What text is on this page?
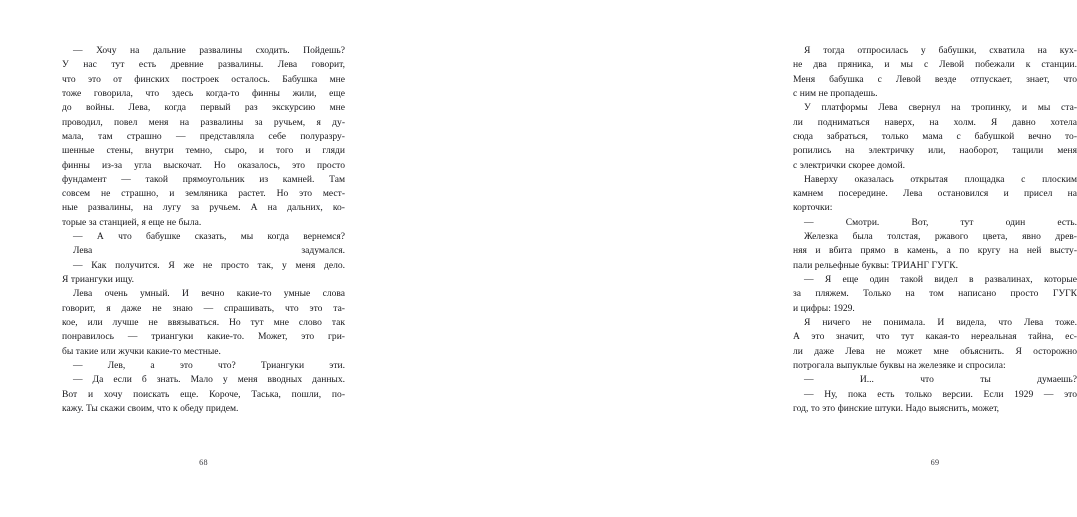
— Хочу на дальние развалины сходить. Пойдешь?
У нас тут есть древние развалины. Лева говорит,
что это от финских построек осталось. Бабушка мне
тоже говорила, что здесь когда-то финны жили, еще
до войны. Лева, когда первый раз экскурсию мне
проводил, повел меня на развалины за ручьем, я ду-
мала, там страшно — представляла себе полуразру-
шенные стены, внутри темно, сыро, и того и гляди
финны из-за угла выскочат. Но оказалось, это просто
фундамент — такой прямоугольник из камней. Там
совсем не страшно, и земляника растет. Но это мест-
ные развалины, на лугу за ручьем. А на дальних, ко-
торые за станцией, я еще не была.
— А что бабушке сказать, мы когда вернемся?
Лева задумался.
— Как получится. Я же не просто так, у меня дело.
Я триангуки ищу.
Лева очень умный. И вечно какие-то умные слова
говорит, я даже не знаю — спрашивать, что это та-
кое, или лучше не ввязываться. Но тут мне слово так
понравилось — триангуки какие-то. Может, это гри-
бы такие или жучки какие-то местные.
— Лев, а это что? Триангуки эти.
— Да если б знать. Мало у меня вводных данных.
Вот и хочу поискать еще. Короче, Таська, пошли, по-
кажу. Ты скажи своим, что к обеду придем.
68
Я тогда отпросилась у бабушки, схватила на кух-
не два пряника, и мы с Левой побежали к станции.
Меня бабушка с Левой везде отпускает, знает, что
с ним не пропадешь.
У платформы Лева свернул на тропинку, и мы ста-
ли подниматься наверх, на холм. Я давно хотела
сюда забраться, только мама с бабушкой вечно то-
ропились на электричку или, наоборот, тащили меня
с электрички скорее домой.
Наверху оказалась открытая площадка с плоским
камнем посередине. Лева остановился и присел на
корточки:
— Смотри. Вот, тут один есть.
Железка была толстая, ржавого цвета, явно древ-
няя и вбита прямо в камень, а по кругу на ней высту-
пали рельефные буквы: ТРИАНГ ГУГК.
— Я еще один такой видел в развалинах, которые
за пляжем. Только на том написано просто ГУГК
и цифры: 1929.
Я ничего не понимала. И видела, что Лева тоже.
А это значит, что тут какая-то нереальная тайна, ес-
ли даже Лева не может мне объяснить. Я осторожно
потрогала выпуклые буквы на железяке и спросила:
— И... что ты думаешь?
— Ну, пока есть только версии. Если 1929 — это
год, то это финские штуки. Надо выяснить, может,
69
